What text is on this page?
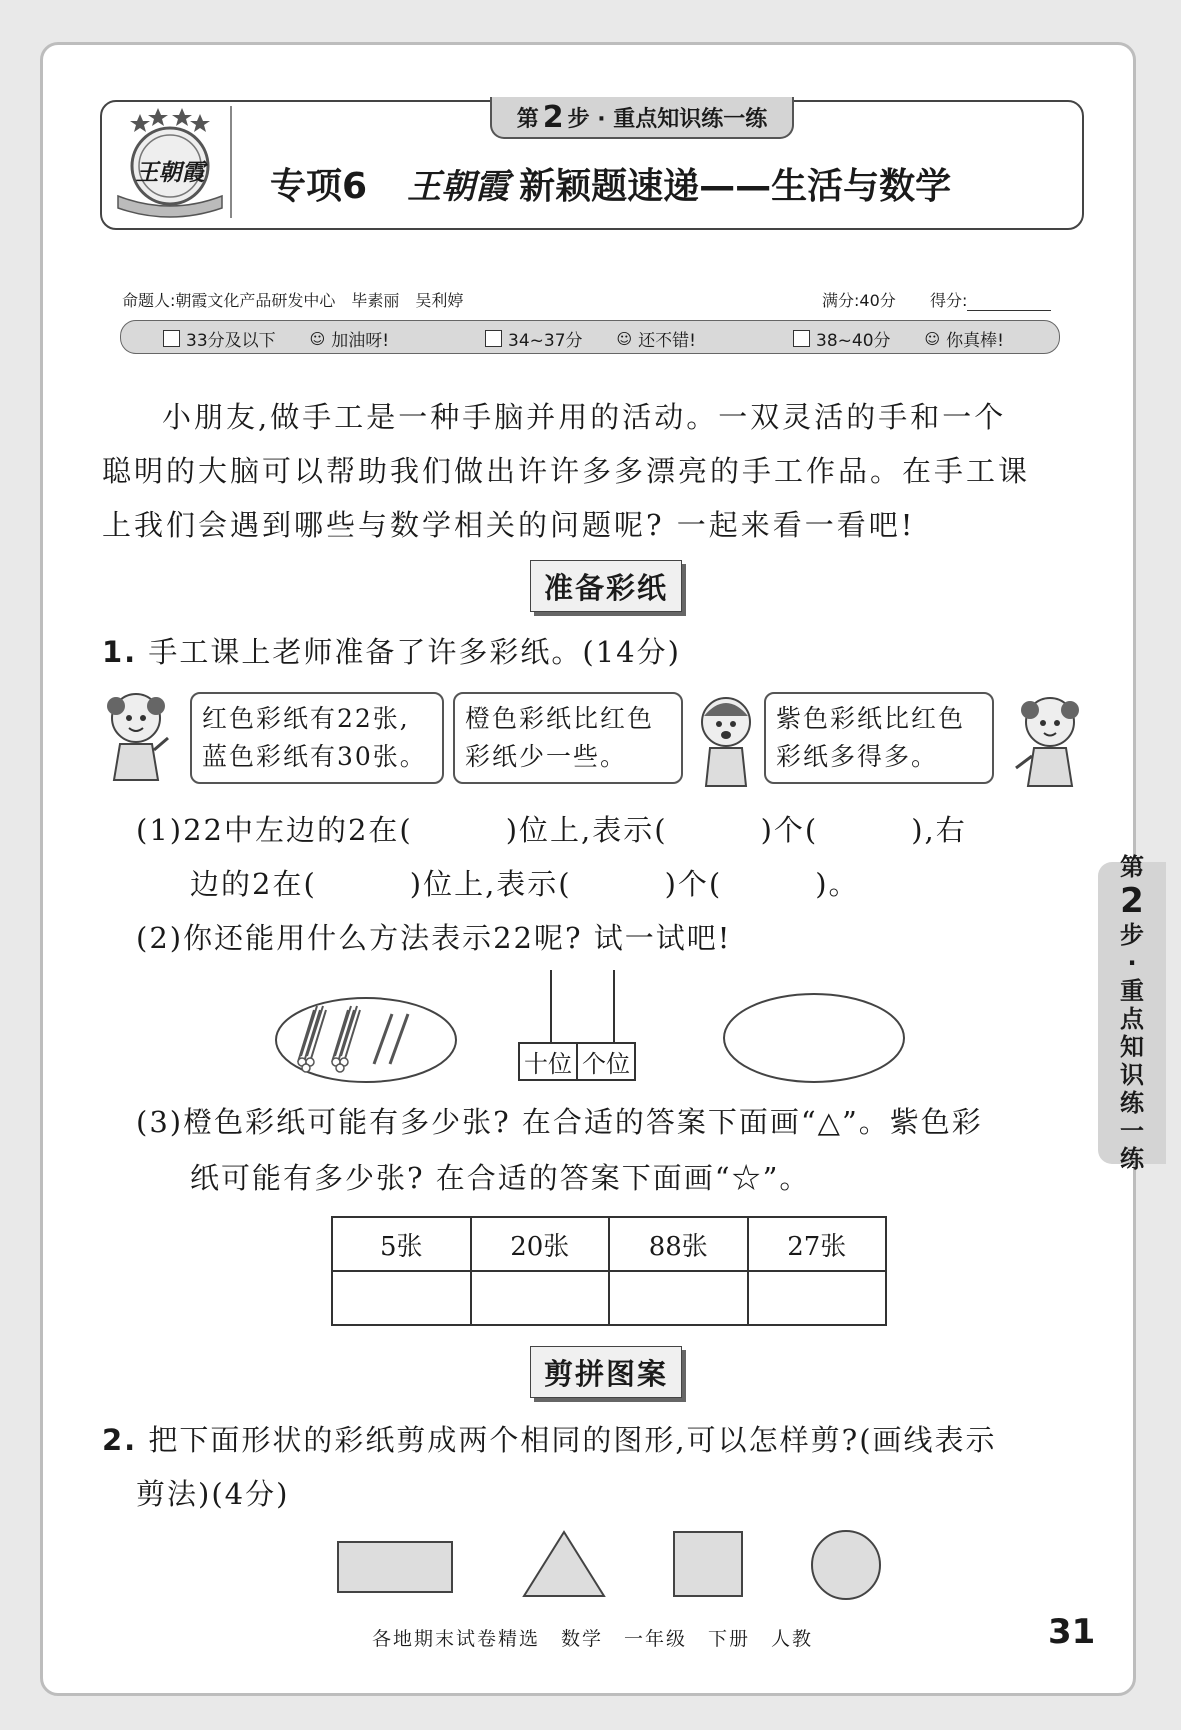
第 2 步 · 重点知识练一练
王朝霞	专项6 王朝霞 新颖题速递——生活与数学
命题人:朝霞文化产品研发中心　毕素丽　吴利婷	满分:40分 得分:
33分及以下 ☺ 加油呀!	34~37分 ☺ 还不错!	38~40分 ☺ 你真棒!
小朋友,做手工是一种手脑并用的活动。一双灵活的手和一个
聪明的大脑可以帮助我们做出许许多多漂亮的手工作品。在手工课
上我们会遇到哪些与数学相关的问题呢? 一起来看一看吧!
准备彩纸
1. 手工课上老师准备了许多彩纸。(14分)
红色彩纸有22张,
蓝色彩纸有30张。
橙色彩纸比红色
彩纸少一些。
紫色彩纸比红色
彩纸多得多。
(1)22中左边的2在(　　　)位上,表示(　　　)个(　　　),右
边的2在(　　　)位上,表示(　　　)个(　　　)。
(2)你还能用什么方法表示22呢? 试一试吧!
十位	个位
(3)橙色彩纸可能有多少张? 在合适的答案下面画“△”。紫色彩
纸可能有多少张? 在合适的答案下面画“☆”。
5张	20张	88张	27张

剪拼图案
2. 把下面形状的彩纸剪成两个相同的图形,可以怎样剪?(画线表示
剪法)(4分)
第
2
步
·
重
点
知
识
练
一
练
各地期末试卷精选　数学　一年级　下册　人教	31
